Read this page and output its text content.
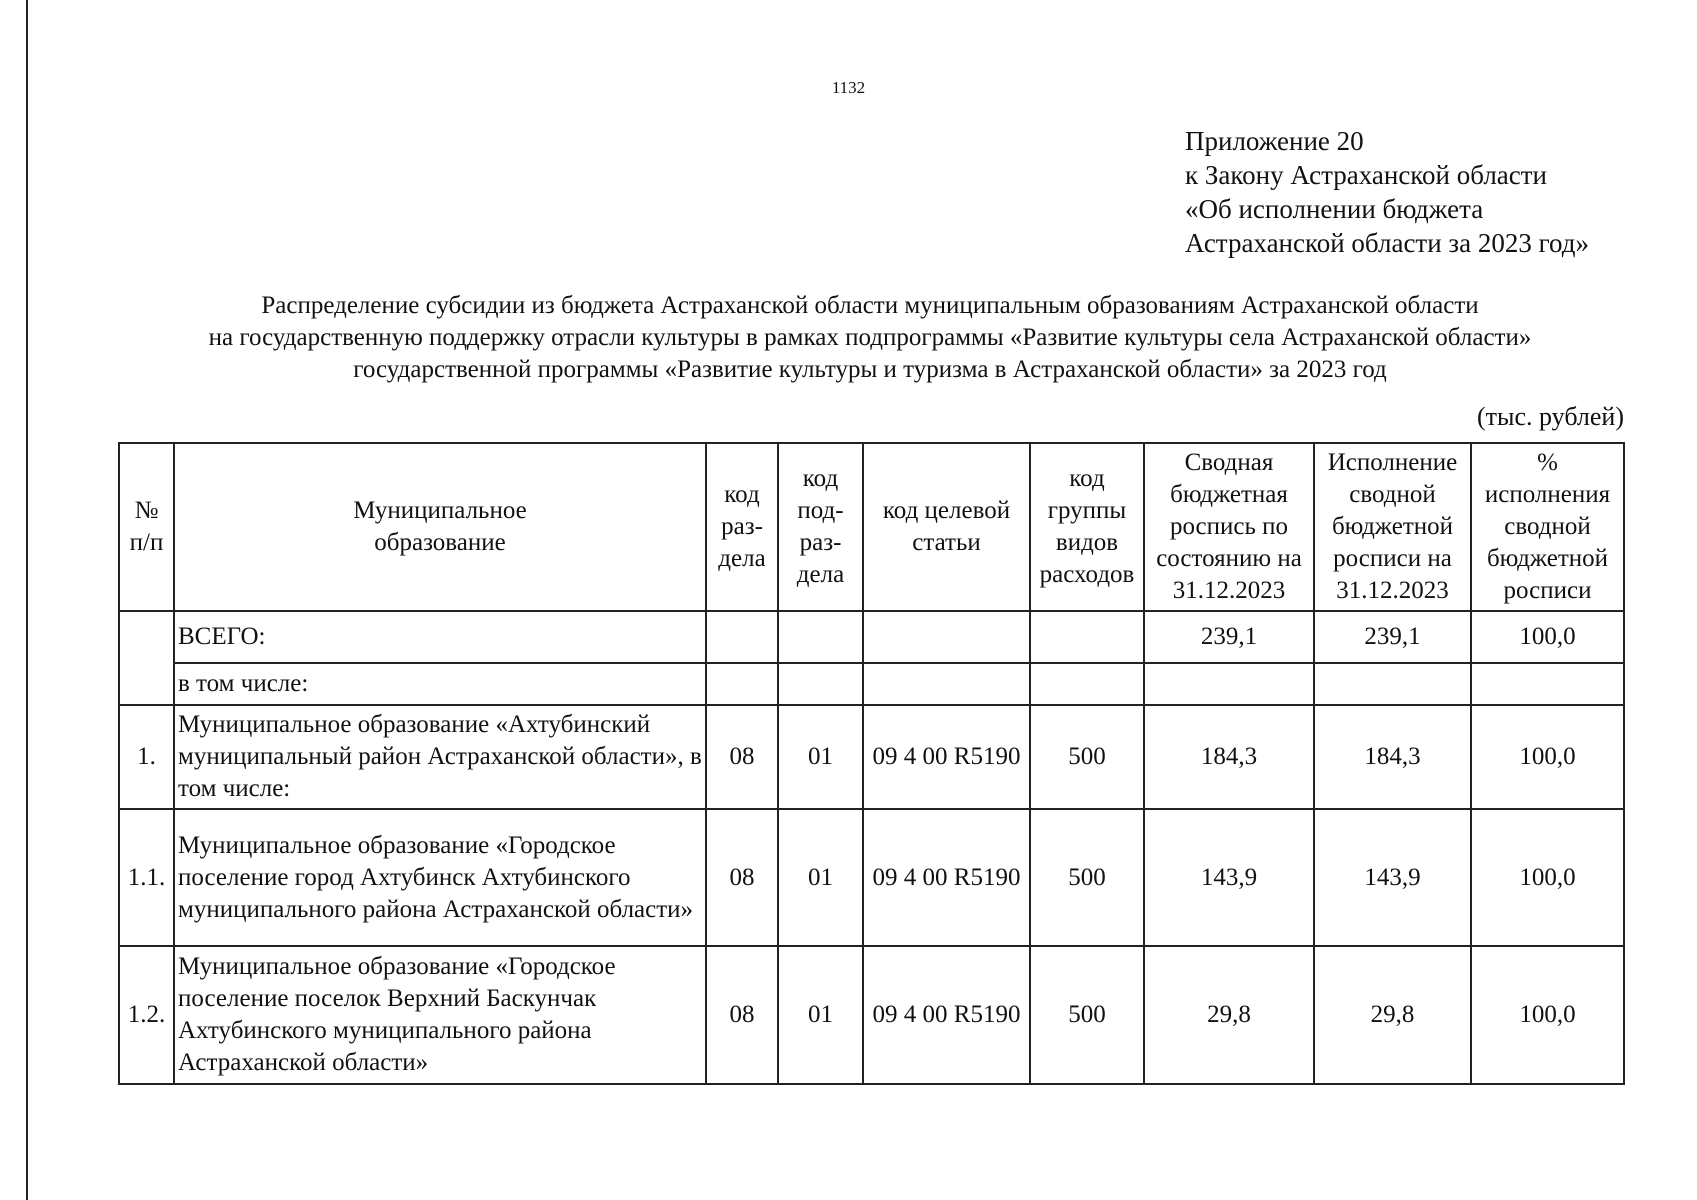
1132
Приложение 20
к Закону Астраханской области
«Об исполнении бюджета
Астраханской области за 2023 год»
Распределение субсидии из бюджета Астраханской области муниципальным образованиям Астраханской области
на государственную поддержку отрасли культуры в рамках подпрограммы «Развитие культуры села Астраханской области»
государственной программы «Развитие культуры и туризма в Астраханской области» за 2023 год
(тыс. рублей)
№ п/п	Муниципальное образование	код раз-дела	код под-раз-дела	код целевой статьи	код группы видов расходов	Сводная бюджетная роспись по состоянию на 31.12.2023	Исполнение сводной бюджетной росписи на 31.12.2023	% исполнения сводной бюджетной росписи
	ВСЕГО:					239,1	239,1	100,0
	в том числе:							
1.	Муниципальное образование «Ахтубинский муниципальный район Астраханской области», в том числе:	08	01	09 4 00 R5190	500	184,3	184,3	100,0
1.1.	Муниципальное образование «Городское поселение город Ахтубинск Ахтубинского муниципального района Астраханской области»	08	01	09 4 00 R5190	500	143,9	143,9	100,0
1.2.	Муниципальное образование «Городское поселение поселок Верхний Баскунчак Ахтубинского муниципального района Астраханской области»	08	01	09 4 00 R5190	500	29,8	29,8	100,0
